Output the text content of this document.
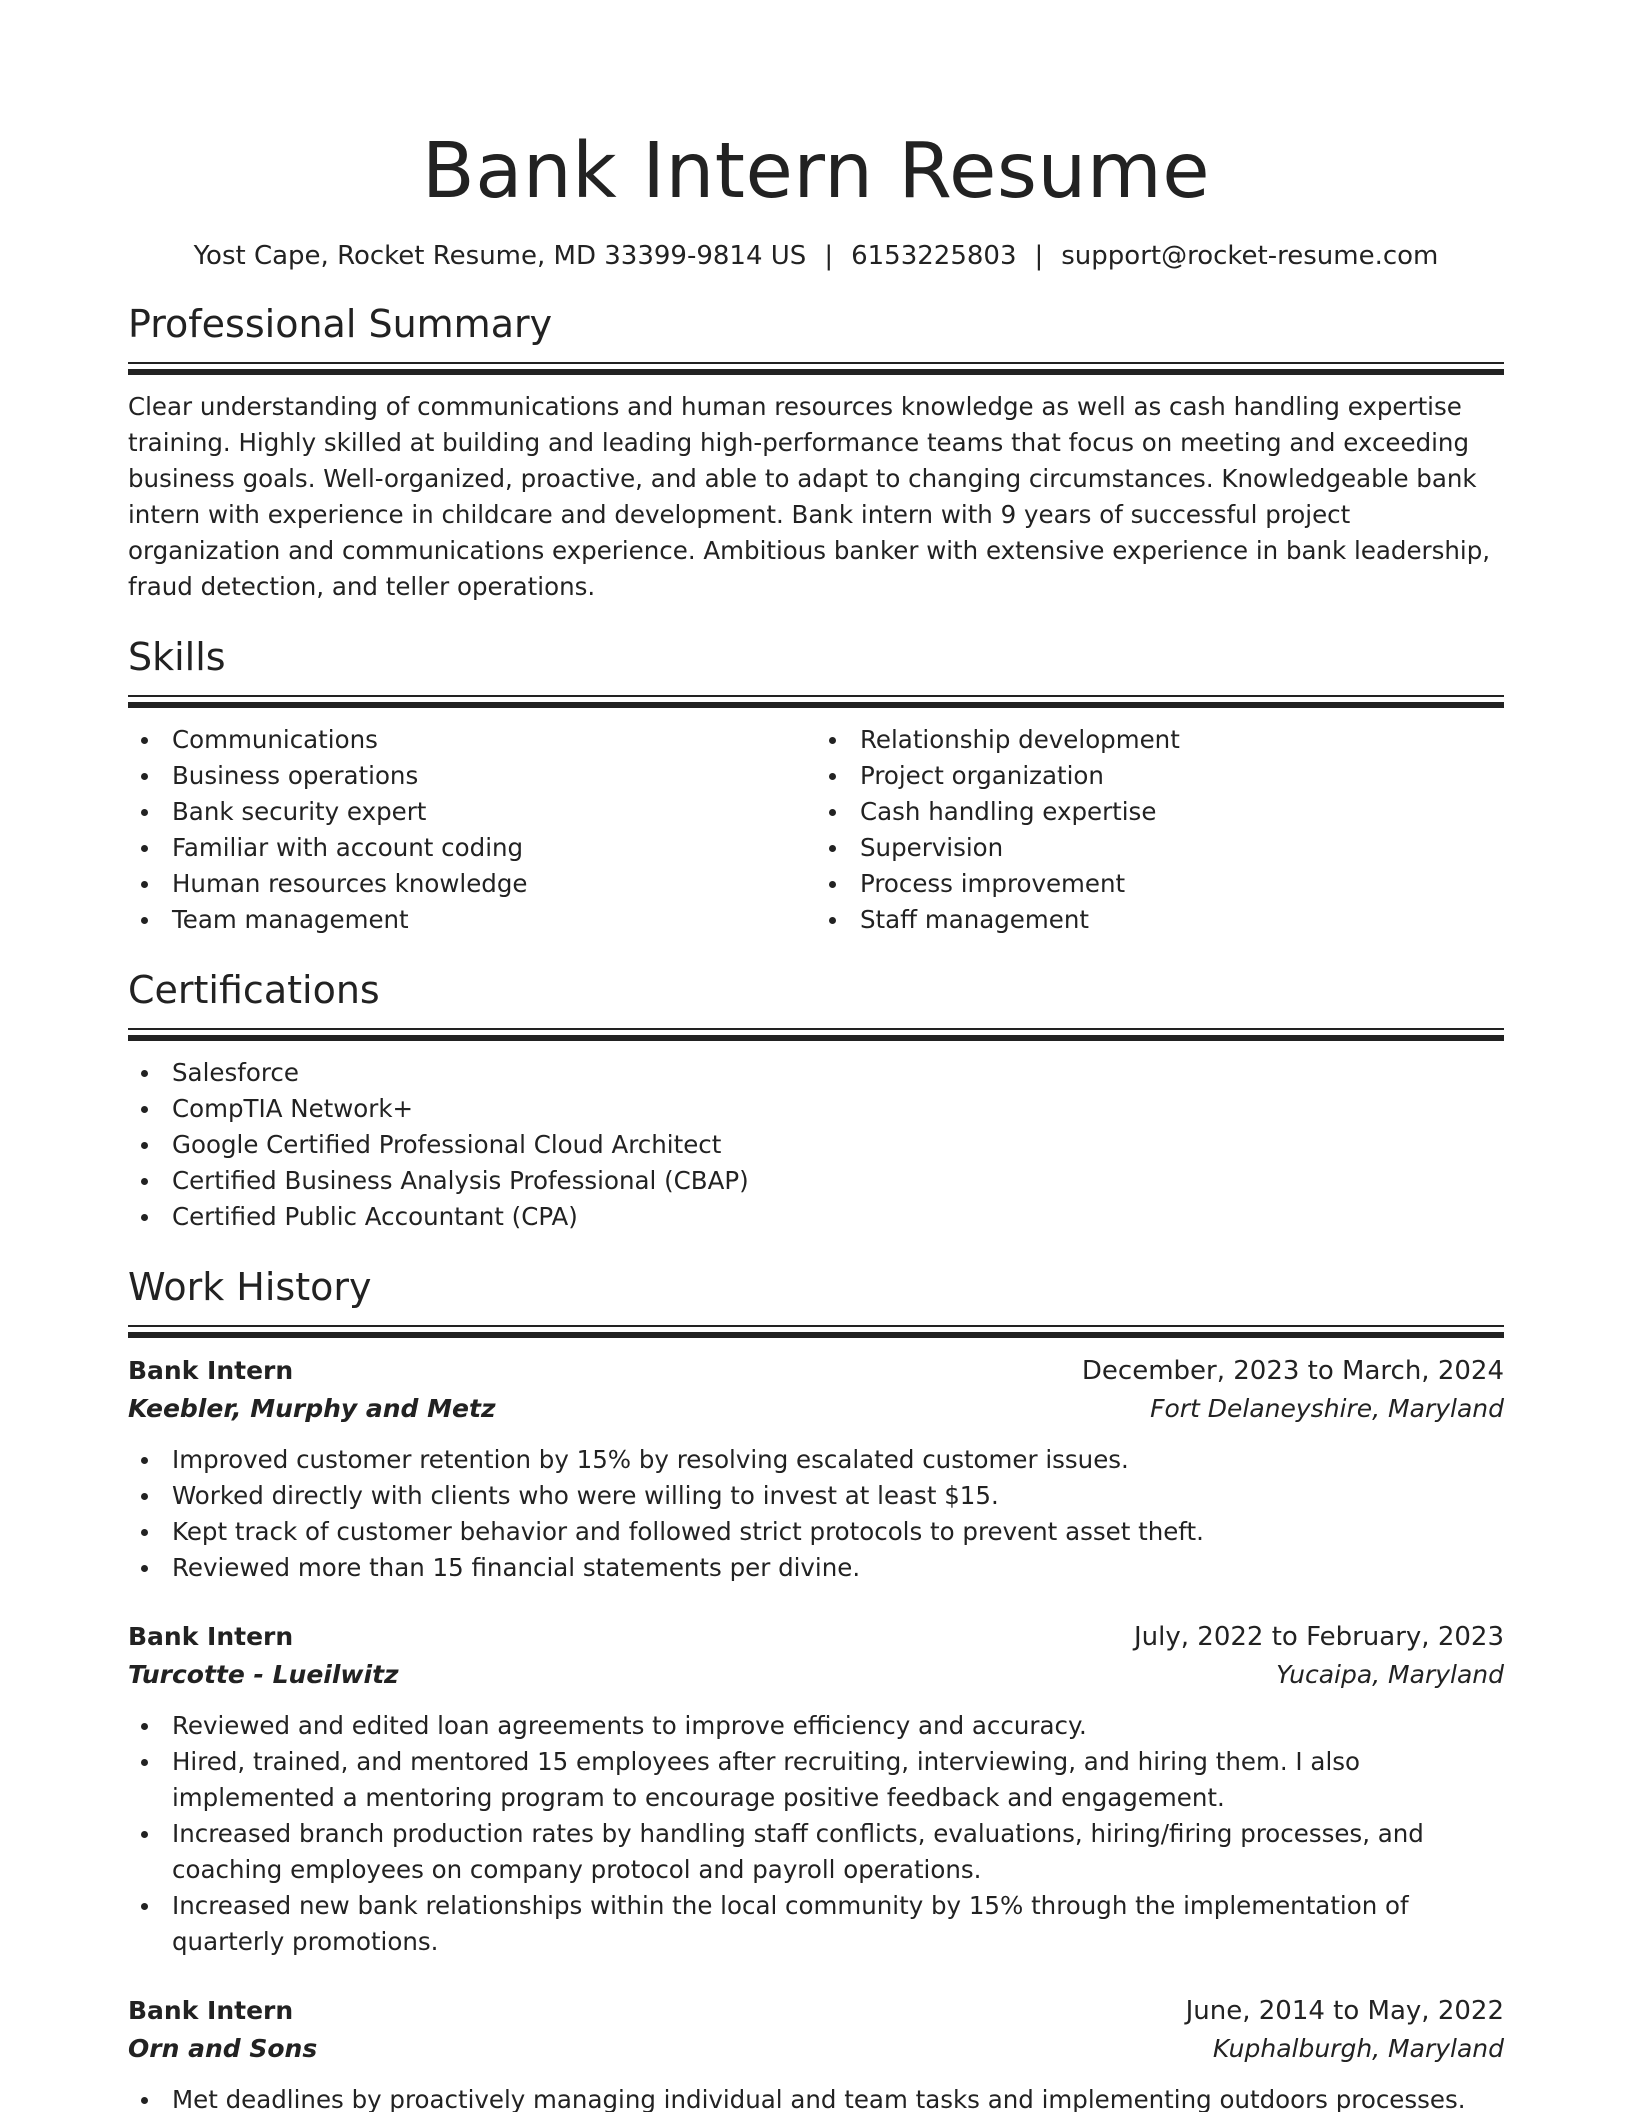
Bank Intern Resume
Yost Cape, Rocket Resume, MD 33399-9814 US | 6153225803 | support@rocket-resume.com
Professional Summary

Clear understanding of communications and human resources knowledge as well as cash handling expertise training. Highly skilled at building and leading high-performance teams that focus on meeting and exceeding business goals. Well-organized, proactive, and able to adapt to changing circumstances. Knowledgeable bank intern with experience in childcare and development. Bank intern with 9 years of successful project organization and communications experience. Ambitious banker with extensive experience in bank leadership, fraud detection, and teller operations.

Skills
Communications
Business operations
Bank security expert
Familiar with account coding
Human resources knowledge
Team management
Relationship development
Project organization
Cash handling expertise
Supervision
Process improvement
Staff management
Certifications
Salesforce
CompTIA Network+
Google Certified Professional Cloud Architect
Certified Business Analysis Professional (CBAP)
Certified Public Accountant (CPA)
Work History
Bank Intern	December, 2023 to March, 2024
Keebler, Murphy and Metz	Fort Delaneyshire, Maryland
Improved customer retention by 15% by resolving escalated customer issues.
Worked directly with clients who were willing to invest at least $15.
Kept track of customer behavior and followed strict protocols to prevent asset theft.
Reviewed more than 15 financial statements per divine.
Bank Intern	July, 2022 to February, 2023
Turcotte - Lueilwitz	Yucaipa, Maryland
Reviewed and edited loan agreements to improve efficiency and accuracy.
Hired, trained, and mentored 15 employees after recruiting, interviewing, and hiring them. I also implemented a mentoring program to encourage positive feedback and engagement.
Increased branch production rates by handling staff conflicts, evaluations, hiring/firing processes, and coaching employees on company protocol and payroll operations.
Increased new bank relationships within the local community by 15% through the implementation of quarterly promotions.
Bank Intern	June, 2014 to May, 2022
Orn and Sons	Kuphalburgh, Maryland
Met deadlines by proactively managing individual and team tasks and implementing outdoors processes.
